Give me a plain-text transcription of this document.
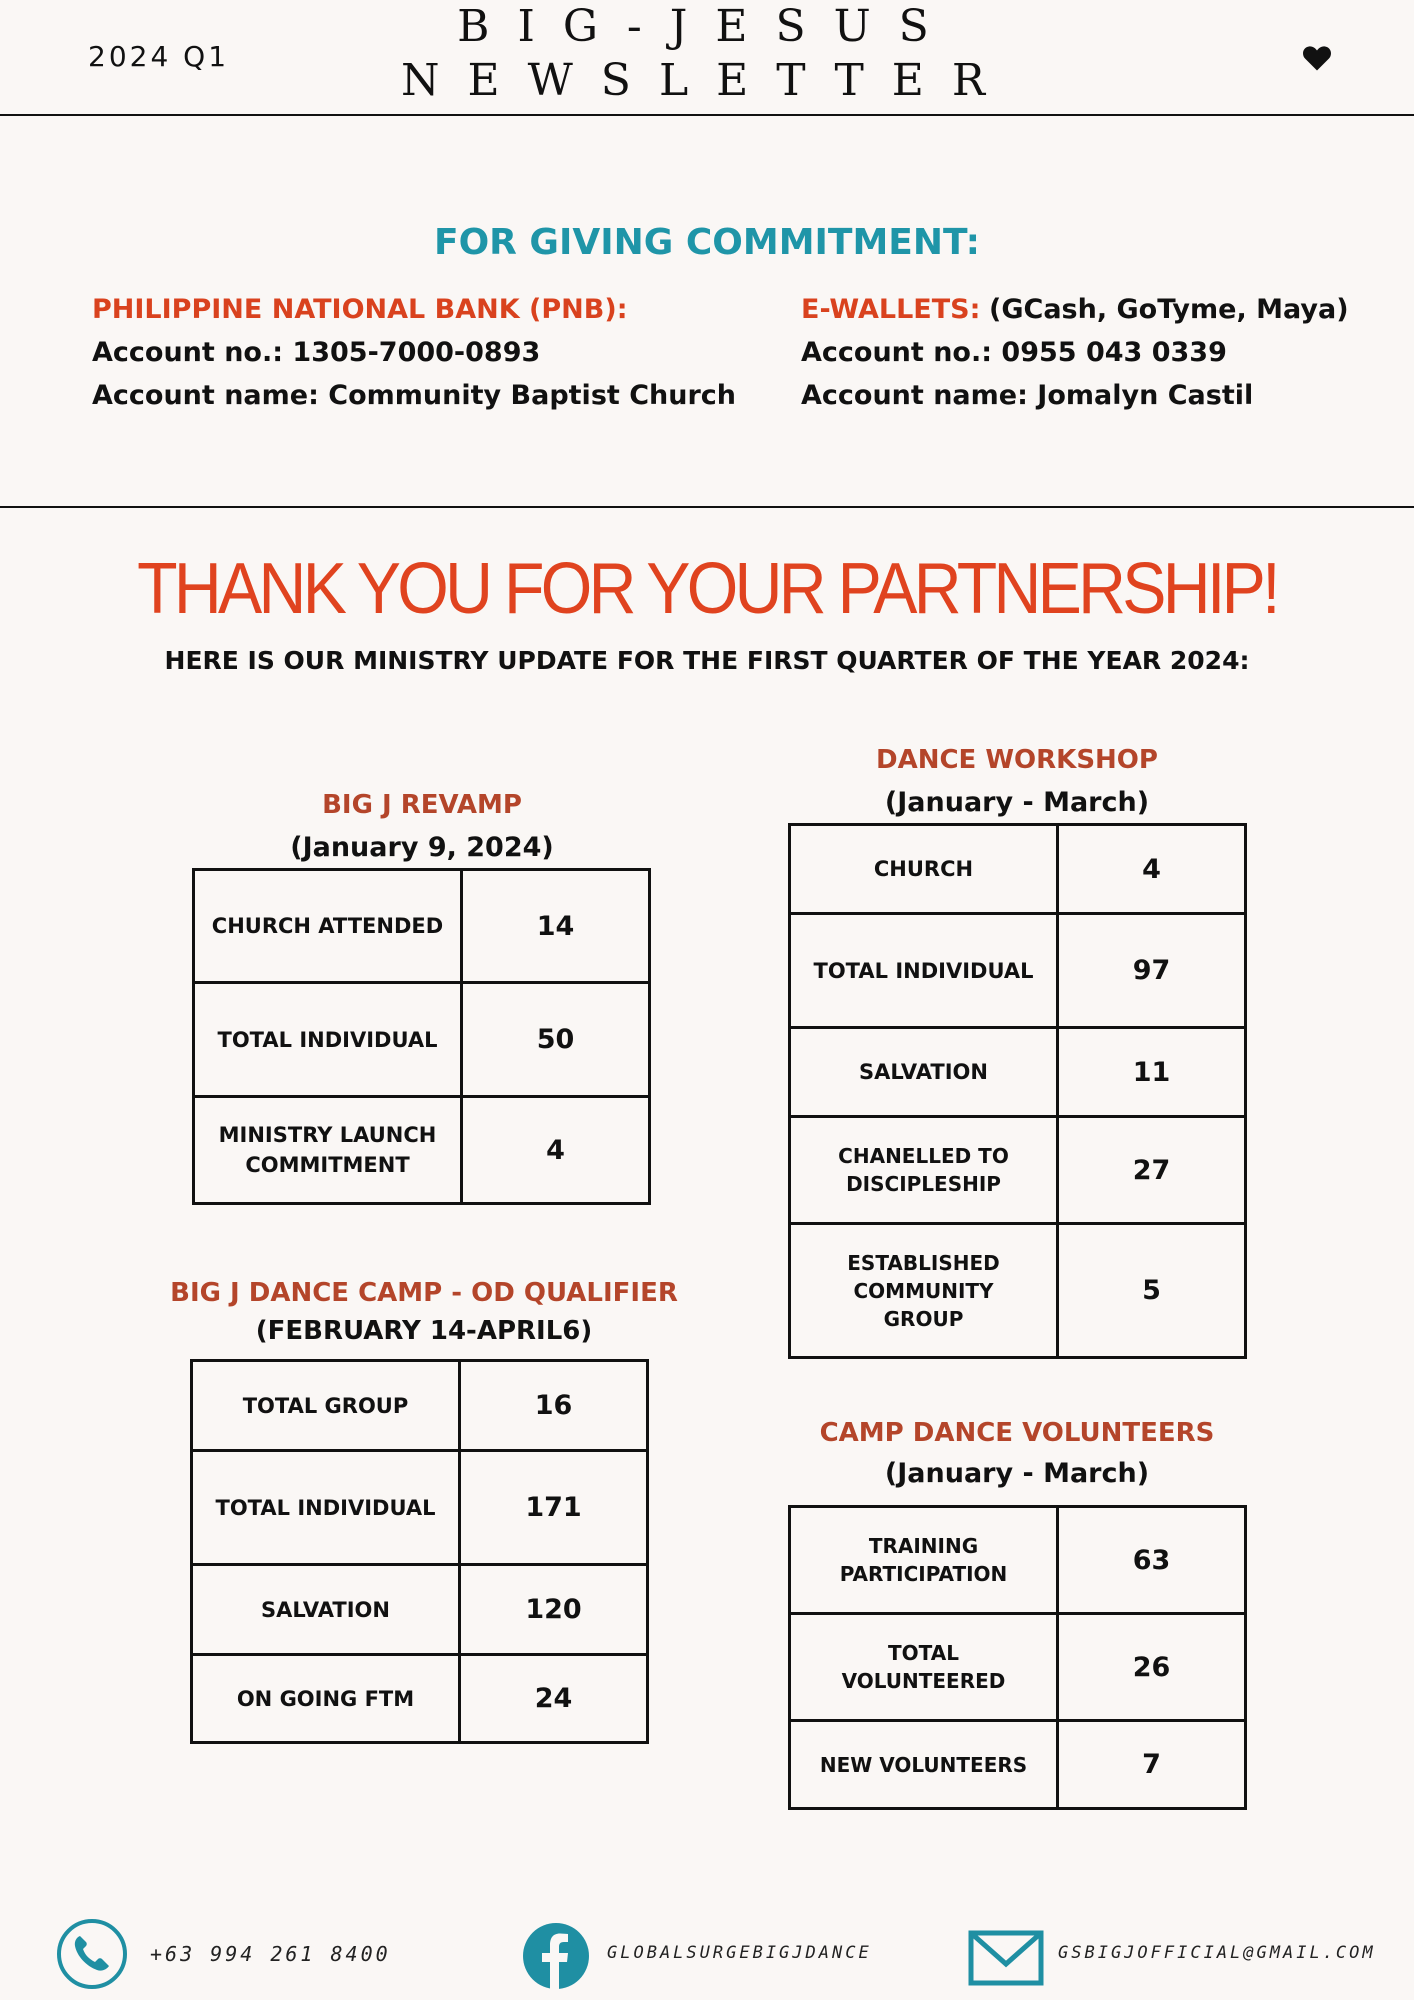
2024 Q1
BIG-JESUS
NEWSLETTER
FOR GIVING COMMITMENT:
PHILIPPINE NATIONAL BANK (PNB):
Account no.: 1305-7000-0893
Account name: Community Baptist Church
E-WALLETS: (GCash, GoTyme, Maya)
Account no.: 0955 043 0339
Account name: Jomalyn Castil
THANK YOU FOR YOUR PARTNERSHIP!
HERE IS OUR MINISTRY UPDATE FOR THE FIRST QUARTER OF THE YEAR 2024:
BIG J REVAMP
(January 9, 2024)
CHURCH ATTENDED	14
TOTAL INDIVIDUAL	50
MINISTRY LAUNCH COMMITMENT	4
BIG J DANCE CAMP - OD QUALIFIER
(FEBRUARY 14-APRIL6)
TOTAL GROUP	16
TOTAL INDIVIDUAL	171
SALVATION	120
ON GOING FTM	24
DANCE WORKSHOP
(January - March)
CHURCH	4
TOTAL INDIVIDUAL	97
SALVATION	11
CHANELLED TO DISCIPLESHIP	27
ESTABLISHED COMMUNITY GROUP	5
CAMP DANCE VOLUNTEERS
(January - March)
TRAINING PARTICIPATION	63
TOTAL VOLUNTEERED	26
NEW VOLUNTEERS	7
+63 994 261 8400	GLOBALSURGEBIGJDANCE	GSBIGJOFFICIAL@GMAIL.COM
